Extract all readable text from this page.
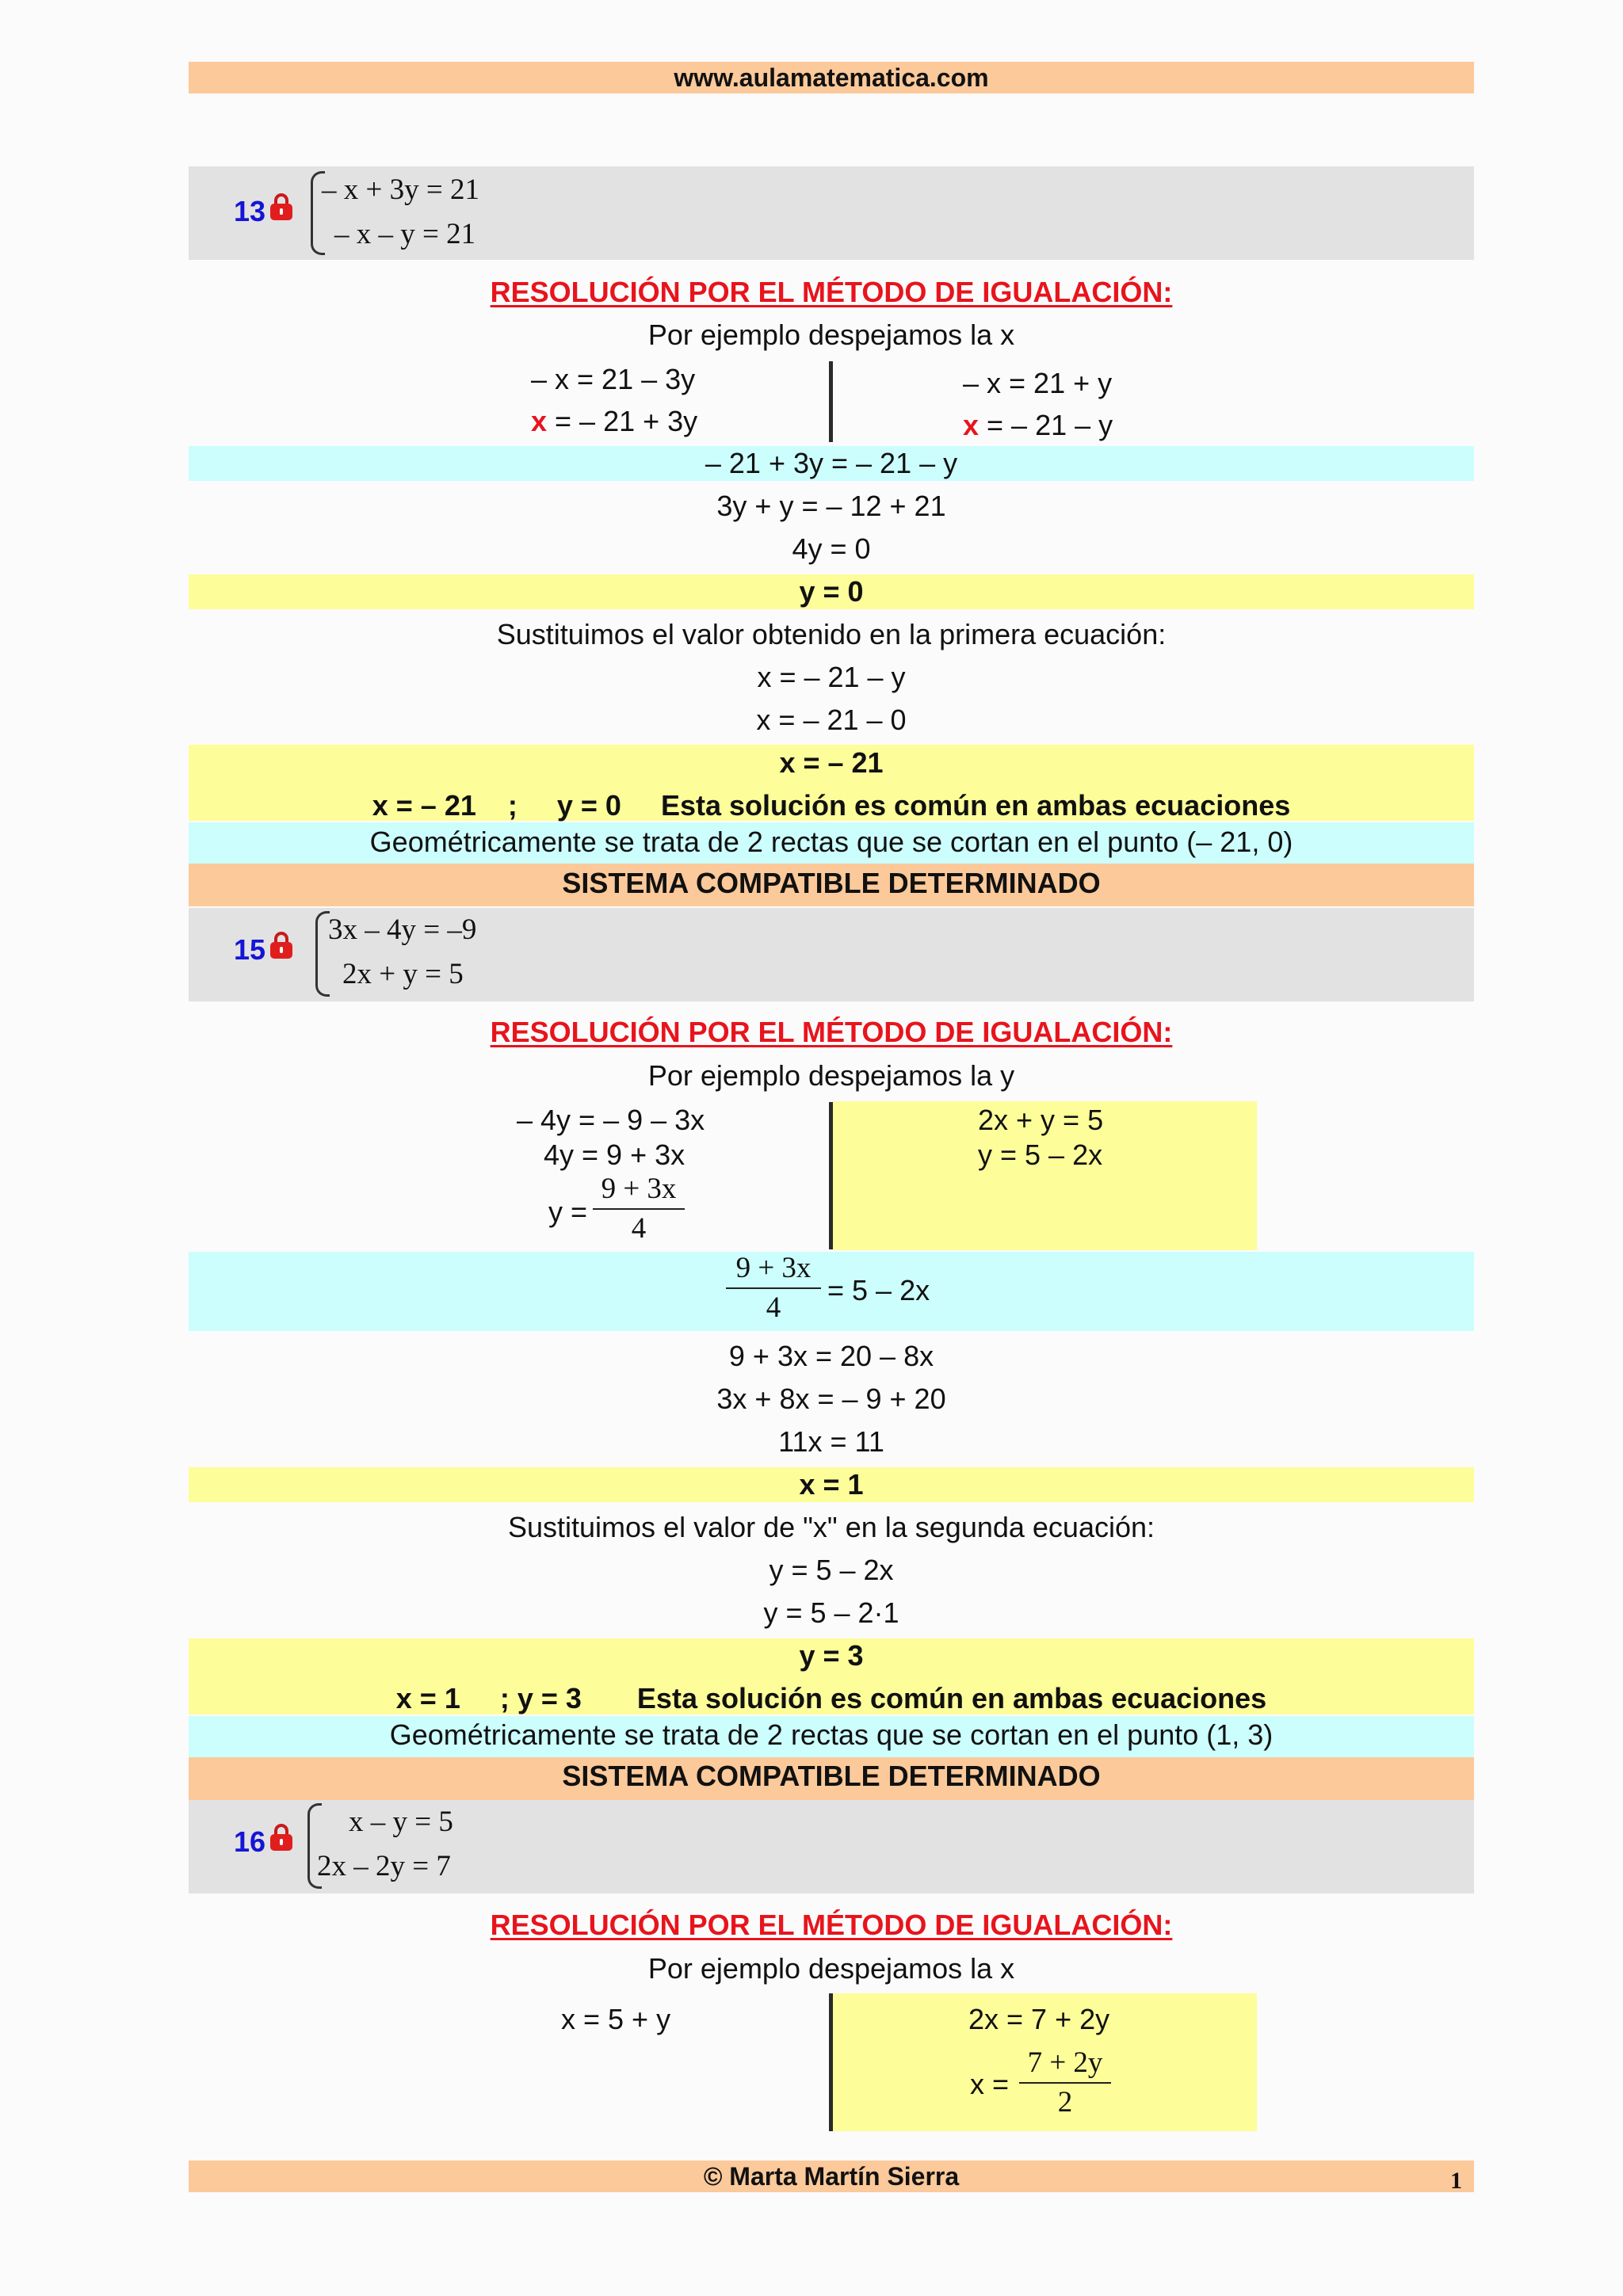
www.aulamatematica.com
13
– x + 3y = 21
– x – y = 21
RESOLUCIÓN POR EL MÉTODO DE IGUALACIÓN:
Por ejemplo despejamos la x
– x = 21 – 3y
x = – 21 + 3y
– x = 21 + y
x = – 21 – y
– 21 + 3y = – 21 – y
3y + y = – 12 + 21
4y = 0
y = 0
Sustituimos el valor obtenido en la primera ecuación:
x = – 21 – y
x = – 21 – 0
x = – 21
x = – 21    ;     y = 0     Esta solución es común en ambas ecuaciones
Geométricamente se trata de 2 rectas que se cortan en el punto (– 21, 0)
SISTEMA COMPATIBLE DETERMINADO
15
3x – 4y = –9
2x + y = 5
RESOLUCIÓN POR EL MÉTODO DE IGUALACIÓN:
Por ejemplo despejamos la y
– 4y = – 9 – 3x
4y = 9 + 3x
y =
9 + 3x
4
2x + y = 5
y = 5 – 2x
9 + 3x
4
= 5 – 2x
9 + 3x = 20 – 8x
3x + 8x = – 9 + 20
11x = 11
x = 1
Sustituimos el valor de "x" en la segunda ecuación:
y = 5 – 2x
y = 5 – 2·1
y = 3
x = 1     ; y = 3       Esta solución es común en ambas ecuaciones
Geométricamente se trata de 2 rectas que se cortan en el punto (1, 3)
SISTEMA COMPATIBLE DETERMINADO
16
x – y = 5
2x – 2y = 7
RESOLUCIÓN POR EL MÉTODO DE IGUALACIÓN:
Por ejemplo despejamos la x
x = 5 + y	2x = 7 + 2y
x =
7 + 2y
2
© Marta Martín Sierra	1
